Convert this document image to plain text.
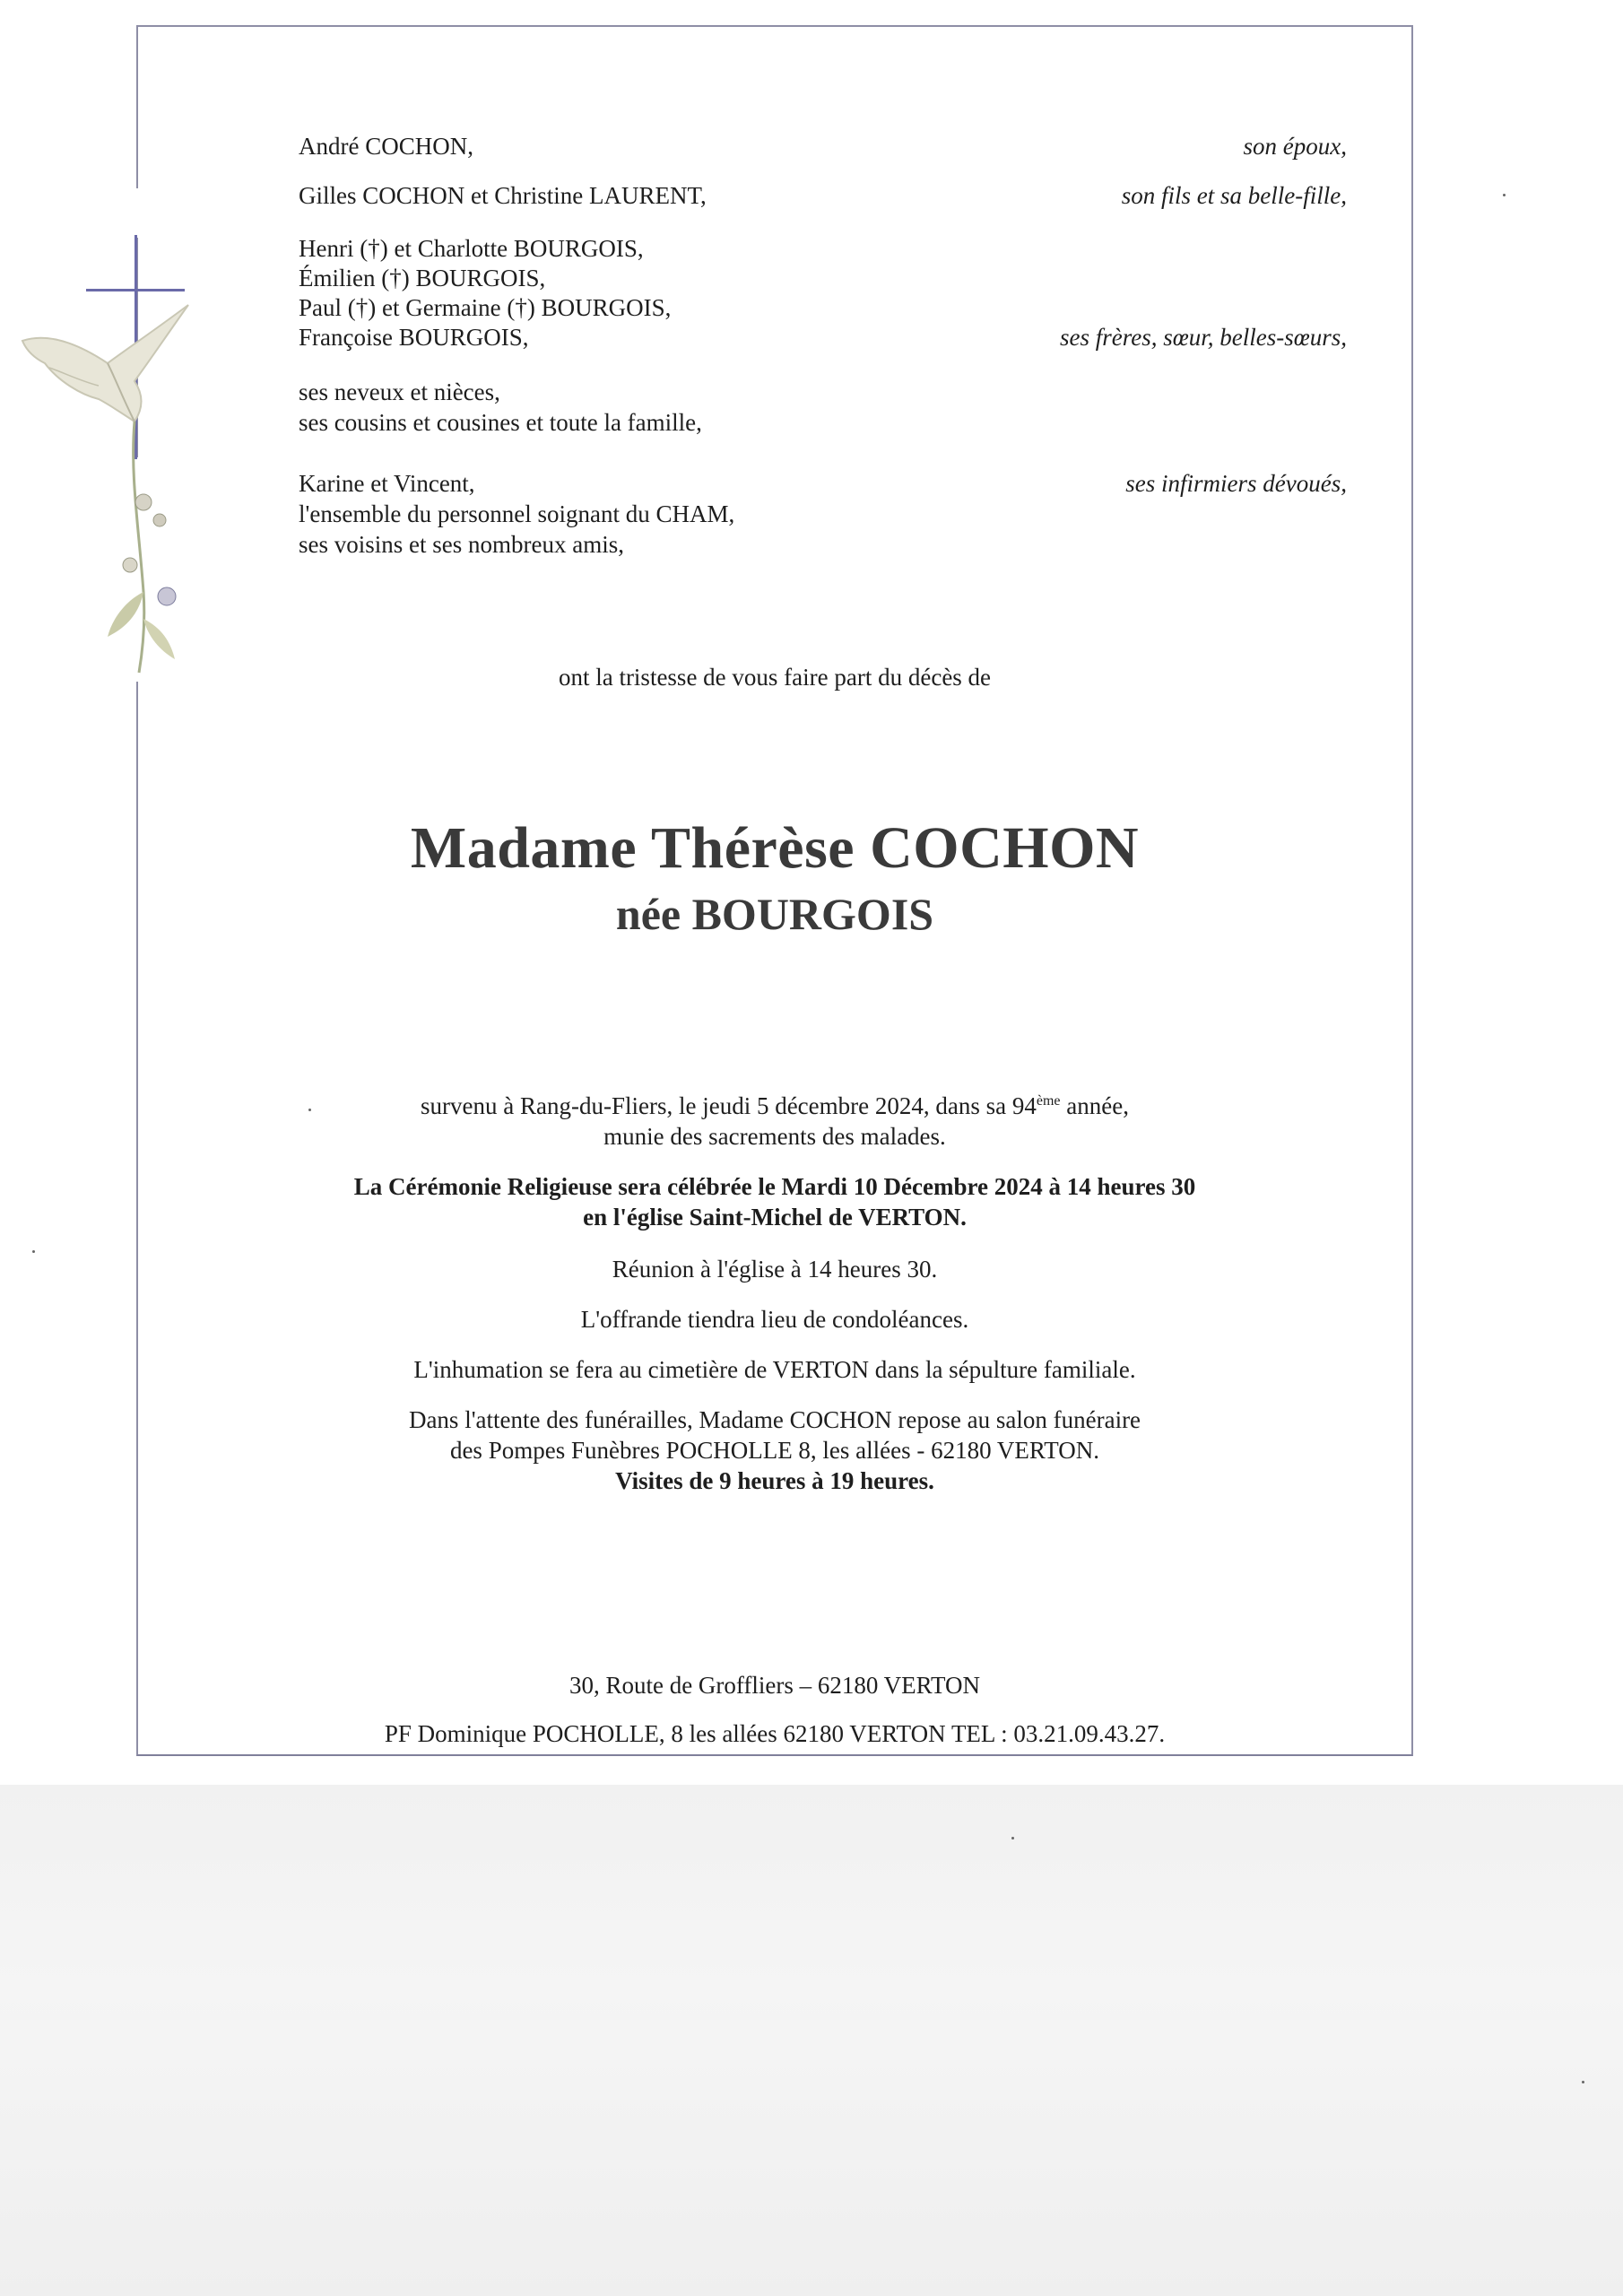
André COCHON,	son époux,
Gilles COCHON et Christine LAURENT,	son fils et sa belle-fille,
Henri (†) et Charlotte BOURGOIS,
Émilien (†) BOURGOIS,
Paul (†) et Germaine (†) BOURGOIS,
Françoise BOURGOIS,	ses frères, sœur, belles-sœurs,
ses neveux et nièces,
ses cousins et cousines et toute la famille,
Karine et Vincent,	ses infirmiers dévoués,
l'ensemble du personnel soignant du CHAM,
ses voisins et ses nombreux amis,
ont la tristesse de vous faire part du décès de
Madame Thérèse COCHON
née BOURGOIS
survenu à Rang-du-Fliers, le jeudi 5 décembre 2024, dans sa 94ème année,
munie des sacrements des malades.
La Cérémonie Religieuse sera célébrée le Mardi 10 Décembre 2024 à 14 heures 30
en l'église Saint-Michel de VERTON.
Réunion à l'église à 14 heures 30.
L'offrande tiendra lieu de condoléances.
L'inhumation se fera au cimetière de VERTON dans la sépulture familiale.
Dans l'attente des funérailles, Madame COCHON repose au salon funéraire
des Pompes Funèbres POCHOLLE 8, les allées - 62180 VERTON.
Visites de 9 heures à 19 heures.
30, Route de Groffliers – 62180 VERTON
PF Dominique POCHOLLE, 8 les allées 62180 VERTON TEL : 03.21.09.43.27.
